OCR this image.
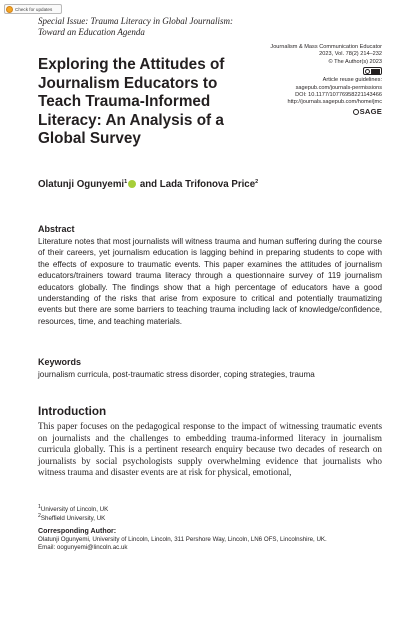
Check for updates
Special Issue: Trauma Literacy in Global Journalism:
Toward an Education Agenda
Exploring the Attitudes of Journalism Educators to Teach Trauma-Informed Literacy: An Analysis of a Global Survey
Journalism & Mass Communication Educator
2023, Vol. 78(2) 214–232
© The Author(s) 2023
Article reuse guidelines:
sagepub.com/journals-permissions
DOI: 10.1177/10776958221143466
http://journals.sagepub.com/home/jmc
SAGE
Olatunji Ogunyemi$^1$ and Lada Trifonova Price$^2$
Abstract

Literature notes that most journalists will witness trauma and human suffering during the course of their careers, yet journalism education is lagging behind in preparing students to cope with the effects of exposure to traumatic events. This paper examines the attitudes of journalism educators/trainers toward trauma literacy through a questionnaire survey of 119 journalism educators globally. The findings show that a high percentage of educators have a good understanding of the risks that arise from exposure to critical and potentially traumatizing events but there are some barriers to teaching trauma including lack of knowledge/confidence, resources, time, and teaching materials.

Keywords
journalism curricula, post-traumatic stress disorder, coping strategies, trauma
Introduction

This paper focuses on the pedagogical response to the impact of witnessing traumatic events on journalists and the challenges to embedding trauma-informed literacy in journalism curricula globally. This is a pertinent research enquiry because two decades of research on journalists by social psychologists supply overwhelming evidence that journalists who witness trauma and disaster events are at risk for physical, emotional,

$^1$University of Lincoln, UK
$^2$Sheffield University, UK
Corresponding Author:
Olatunji Ogunyemi, University of Lincoln, Lincoln, 311 Pershore Way, Lincoln, LN6 OFS, Lincolnshire, UK.
Email: oogunyemi@lincoln.ac.uk
